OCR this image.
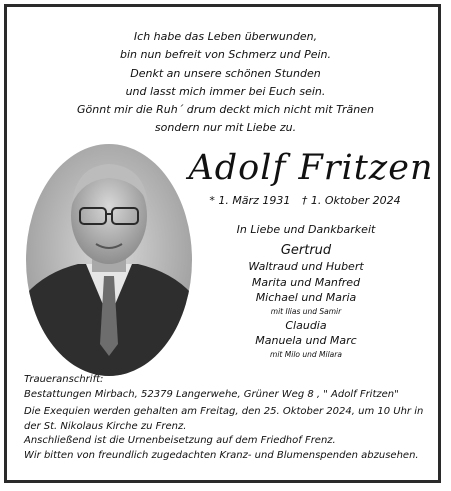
Ich habe das Leben überwunden,
bin nun befreit von Schmerz und Pein.
Denkt an unsere schönen Stunden
und lasst mich immer bei Euch sein.
Gönnt mir die Ruh´ drum deckt mich nicht mit Tränen
sondern nur mit Liebe zu.
Adolf Fritzen
* 1. März 1931 † 1. Oktober 2024
In Liebe und Dankbarkeit
Gertrud
Waltraud und Hubert
Marita und Manfred
Michael und Maria
mit Ilias und Samir
Claudia
Manuela und Marc
mit Milo und Milara
Traueranschrift:
Bestattungen Mirbach, 52379 Langerwehe, Grüner Weg 8 , " Adolf Fritzen"
Die Exequien werden gehalten am Freitag, den 25. Oktober 2024, um 10 Uhr in
der St. Nikolaus Kirche zu Frenz.
Anschließend ist die Urnenbeisetzung auf dem Friedhof Frenz.
Wir bitten von freundlich zugedachten Kranz- und Blumenspenden abzusehen.
